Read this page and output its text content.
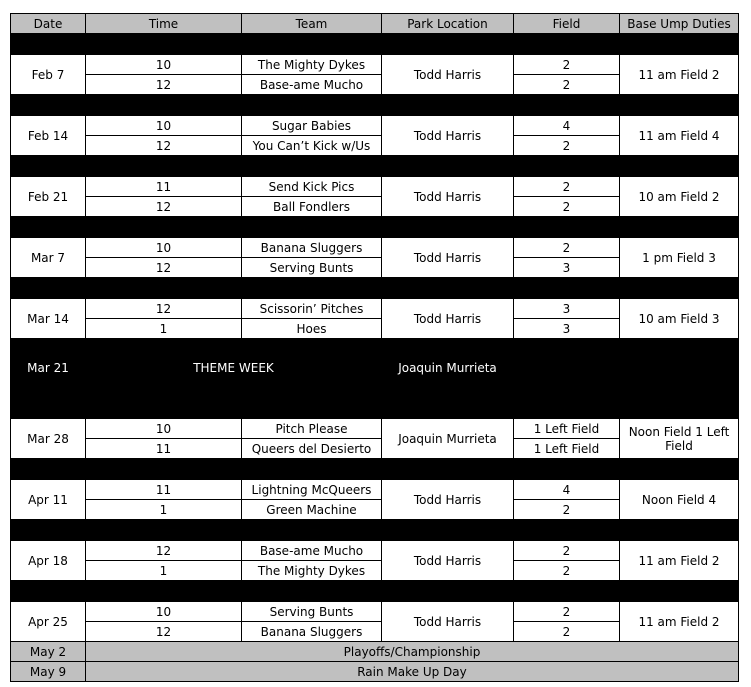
Date	Time	Team	Park Location	Field	Base Ump Duties

Feb 7	10	The Mighty Dykes	Todd Harris	2	11 am Field 2
	12	Base-ame Mucho		2	

Feb 14	10	Sugar Babies	Todd Harris	4	11 am Field 4
	12	You Can’t Kick w/Us		2	

Feb 21	11	Send Kick Pics	Todd Harris	2	10 am Field 2
	12	Ball Fondlers		2	

Mar 7	10	Banana Sluggers	Todd Harris	2	1 pm Field 3
	12	Serving Bunts		3	

Mar 14	12	Scissorin’ Pitches	Todd Harris	3	10 am Field 3
	1	Hoes		3	
Mar 21	THEME WEEK		Joaquin Murrieta		

Mar 28	10	Pitch Please	Joaquin Murrieta	1 Left Field	Noon Field 1 Left Field
	11	Queers del Desierto		1 Left Field	

Apr 11	11	Lightning McQueers	Todd Harris	4	Noon Field 4
	1	Green Machine		2	

Apr 18	12	Base-ame Mucho	Todd Harris	2	11 am Field 2
	1	The Mighty Dykes		2	

Apr 25	10	Serving Bunts	Todd Harris	2	11 am Field 2
	12	Banana Sluggers		2	
May 2	Playoffs/Championship				
May 9	Rain Make Up Day				
